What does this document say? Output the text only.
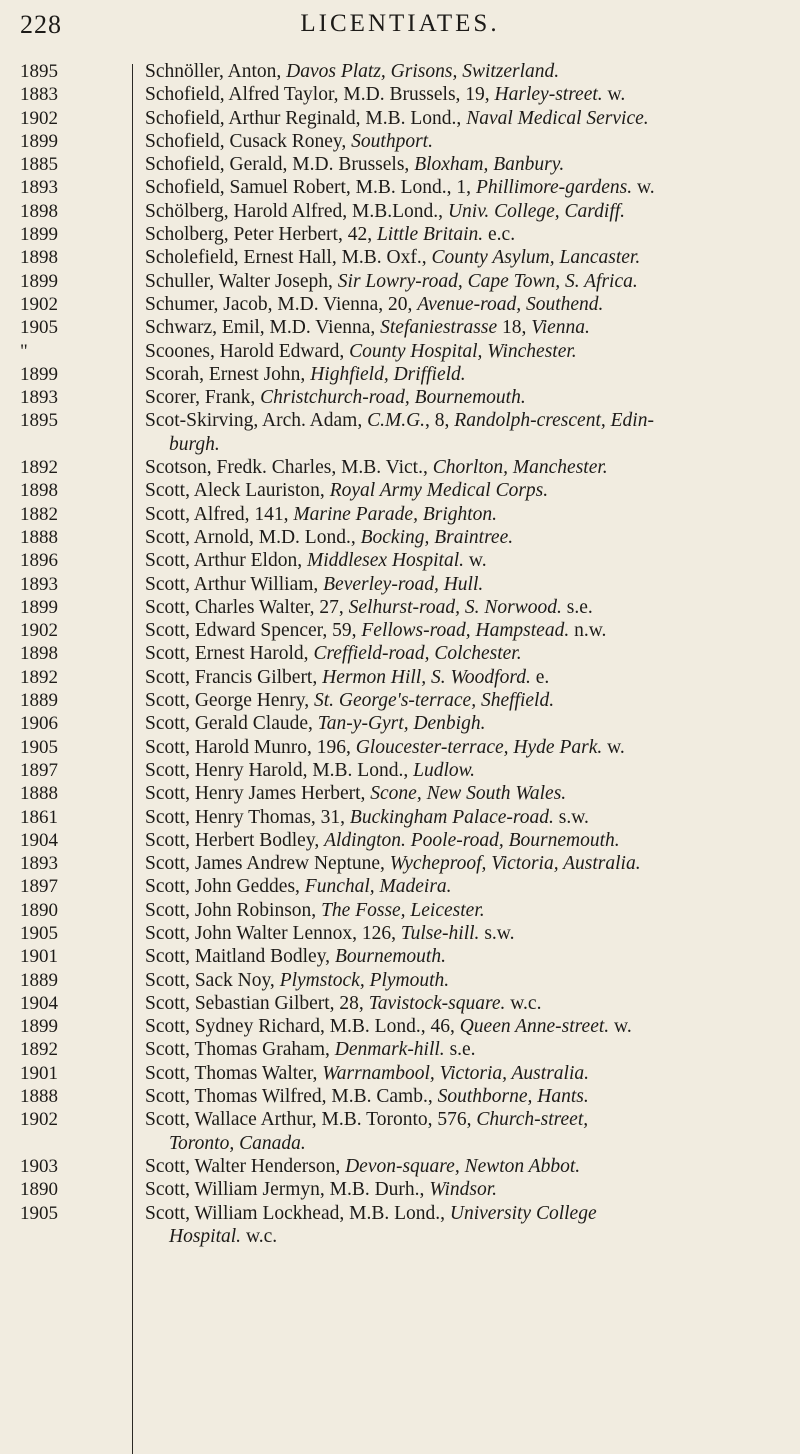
228	LICENTIATES.
1895	Schnöller, Anton, Davos Platz, Grisons, Switzerland.
1883	Schofield, Alfred Taylor, M.D. Brussels, 19, Harley-street. w.
1902	Schofield, Arthur Reginald, M.B. Lond., Naval Medical Service.
1899	Schofield, Cusack Roney, Southport.
1885	Schofield, Gerald, M.D. Brussels, Bloxham, Banbury.
1893	Schofield, Samuel Robert, M.B. Lond., 1, Phillimore-gardens. w.
1898	Schölberg, Harold Alfred, M.B.Lond., Univ. College, Cardiff.
1899	Scholberg, Peter Herbert, 42, Little Britain. e.c.
1898	Scholefield, Ernest Hall, M.B. Oxf., County Asylum, Lancaster.
1899	Schuller, Walter Joseph, Sir Lowry-road, Cape Town, S. Africa.
1902	Schumer, Jacob, M.D. Vienna, 20, Avenue-road, Southend.
1905	Schwarz, Emil, M.D. Vienna, Stefaniestrasse 18, Vienna.
"	Scoones, Harold Edward, County Hospital, Winchester.
1899	Scorah, Ernest John, Highfield, Driffield.
1893	Scorer, Frank, Christchurch-road, Bournemouth.
1895	Scot-Skirving, Arch. Adam, C.M.G., 8, Randolph-crescent, Edin-
burgh.
1892	Scotson, Fredk. Charles, M.B. Vict., Chorlton, Manchester.
1898	Scott, Aleck Lauriston, Royal Army Medical Corps.
1882	Scott, Alfred, 141, Marine Parade, Brighton.
1888	Scott, Arnold, M.D. Lond., Bocking, Braintree.
1896	Scott, Arthur Eldon, Middlesex Hospital. w.
1893	Scott, Arthur William, Beverley-road, Hull.
1899	Scott, Charles Walter, 27, Selhurst-road, S. Norwood. s.e.
1902	Scott, Edward Spencer, 59, Fellows-road, Hampstead. n.w.
1898	Scott, Ernest Harold, Creffield-road, Colchester.
1892	Scott, Francis Gilbert, Hermon Hill, S. Woodford. e.
1889	Scott, George Henry, St. George's-terrace, Sheffield.
1906	Scott, Gerald Claude, Tan-y-Gyrt, Denbigh.
1905	Scott, Harold Munro, 196, Gloucester-terrace, Hyde Park. w.
1897	Scott, Henry Harold, M.B. Lond., Ludlow.
1888	Scott, Henry James Herbert, Scone, New South Wales.
1861	Scott, Henry Thomas, 31, Buckingham Palace-road. s.w.
1904	Scott, Herbert Bodley, Aldington. Poole-road, Bournemouth.
1893	Scott, James Andrew Neptune, Wycheproof, Victoria, Australia.
1897	Scott, John Geddes, Funchal, Madeira.
1890	Scott, John Robinson, The Fosse, Leicester.
1905	Scott, John Walter Lennox, 126, Tulse-hill. s.w.
1901	Scott, Maitland Bodley, Bournemouth.
1889	Scott, Sack Noy, Plymstock, Plymouth.
1904	Scott, Sebastian Gilbert, 28, Tavistock-square. w.c.
1899	Scott, Sydney Richard, M.B. Lond., 46, Queen Anne-street. w.
1892	Scott, Thomas Graham, Denmark-hill. s.e.
1901	Scott, Thomas Walter, Warrnambool, Victoria, Australia.
1888	Scott, Thomas Wilfred, M.B. Camb., Southborne, Hants.
1902	Scott, Wallace Arthur, M.B. Toronto, 576, Church-street,
Toronto, Canada.
1903	Scott, Walter Henderson, Devon-square, Newton Abbot.
1890	Scott, William Jermyn, M.B. Durh., Windsor.
1905	Scott, William Lockhead, M.B. Lond., University College
Hospital. w.c.
